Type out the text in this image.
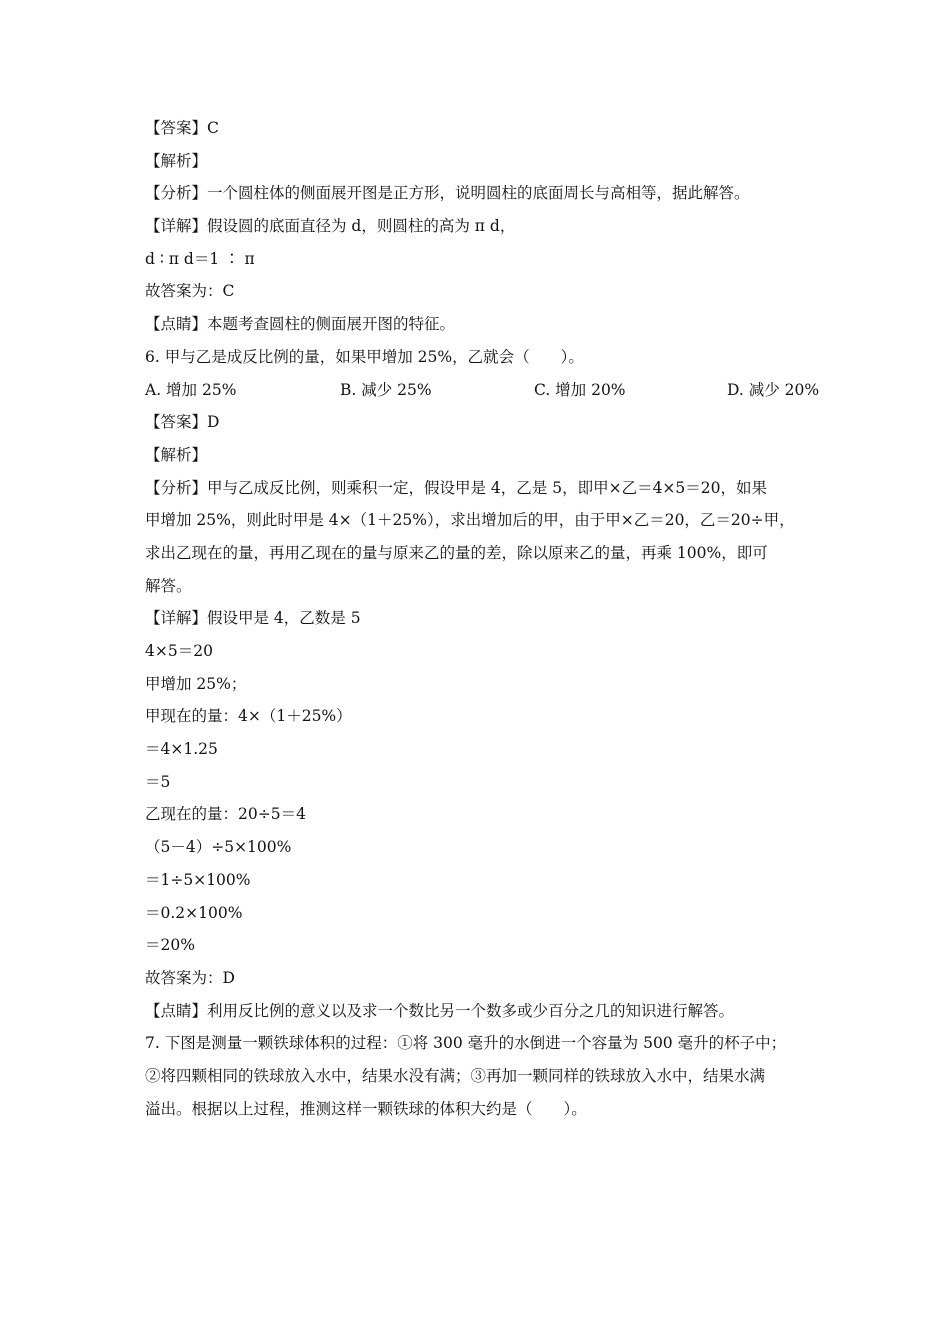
【答案】C
【解析】
【分析】一个圆柱体的侧面展开图是正方形，说明圆柱的底面周长与高相等，据此解答。
【详解】假设圆的底面直径为 d，则圆柱的高为 π d，
d ∶ π d＝1 ∶ π
故答案为：C
【点睛】本题考查圆柱的侧面展开图的特征。
6. 甲与乙是成反比例的量，如果甲增加 25%，乙就会（　　）。
A. 增加 25%	B. 减少 25%	C. 增加 20%	D. 减少 20%
【答案】D
【解析】
【分析】甲与乙成反比例，则乘积一定，假设甲是 4，乙是 5，即甲×乙＝4×5＝20，如果
甲增加 25%，则此时甲是 4×（1＋25%），求出增加后的甲，由于甲×乙＝20，乙＝20÷甲，
求出乙现在的量，再用乙现在的量与原来乙的量的差，除以原来乙的量，再乘 100%，即可
解答。
【详解】假设甲是 4，乙数是 5
4×5＝20
甲增加 25%；
甲现在的量：4×（1＋25%）
＝4×1.25
＝5
乙现在的量：20÷5＝4
（5－4）÷5×100%
＝1÷5×100%
＝0.2×100%
＝20%
故答案为：D
【点睛】利用反比例的意义以及求一个数比另一个数多或少百分之几的知识进行解答。
7. 下图是测量一颗铁球体积的过程：①将 300 毫升的水倒进一个容量为 500 毫升的杯子中；
②将四颗相同的铁球放入水中，结果水没有满；③再加一颗同样的铁球放入水中，结果水满
溢出。根据以上过程，推测这样一颗铁球的体积大约是（　　）。
